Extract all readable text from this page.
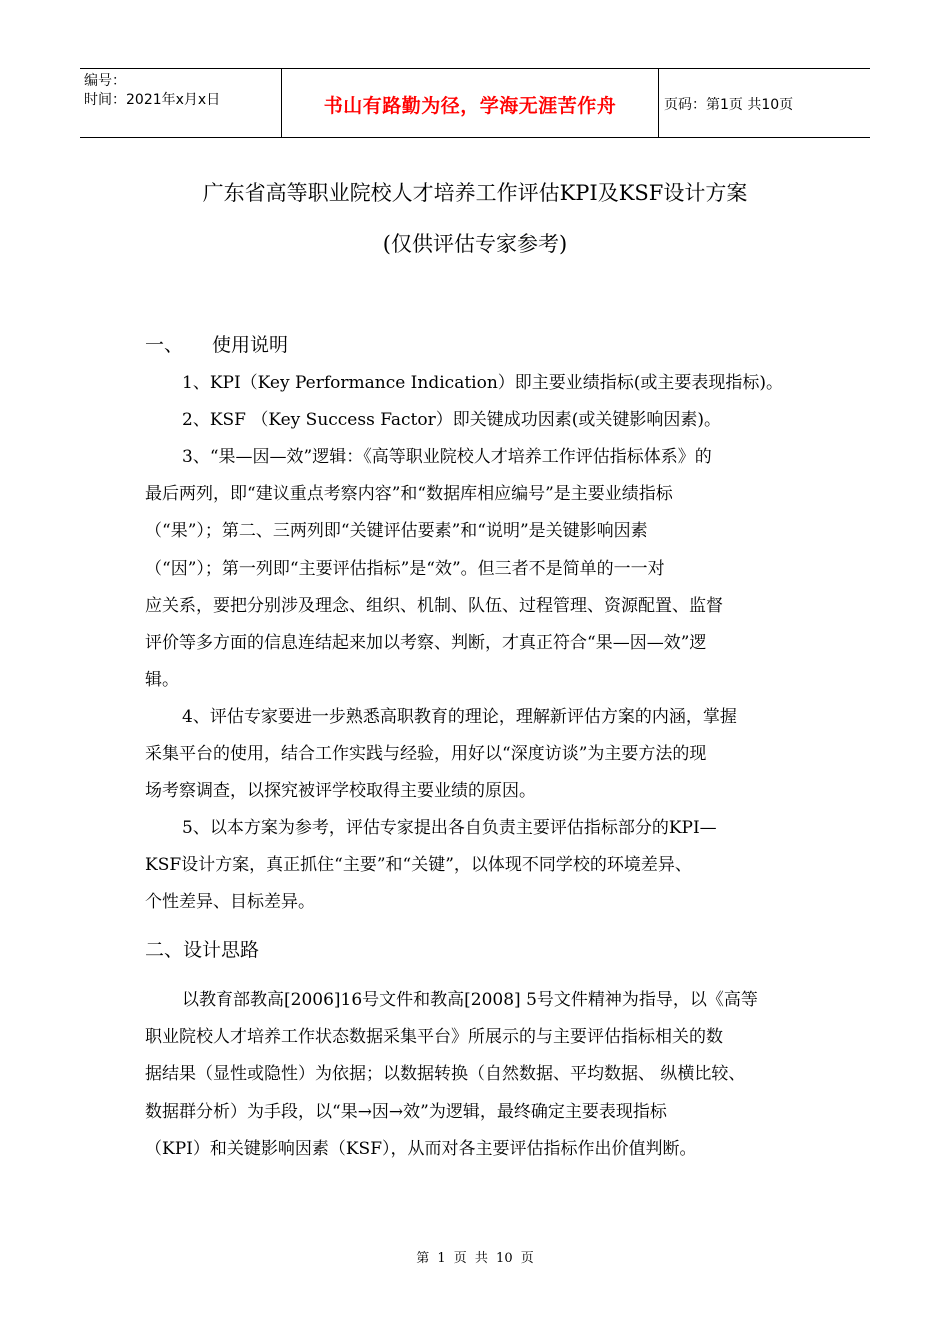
编号：
时间：2021年x月x日	书山有路勤为径，学海无涯苦作舟	页码：第1页 共10页
广东省高等职业院校人才培养工作评估KPI及KSF设计方案
(仅供评估专家参考)
一、 使用说明
1、KPI（Key Performance Indication）即主要业绩指标(或主要表现指标)。
2、KSF （Key Success Factor）即关键成功因素(或关键影响因素)。
3、“果—因—效”逻辑：《高等职业院校人才培养工作评估指标体系》的
最后两列，即“建议重点考察内容”和“数据库相应编号”是主要业绩指标
（“果”）；第二、三两列即“关键评估要素”和“说明”是关键影响因素
（“因”）；第一列即“主要评估指标”是“效”。但三者不是简单的一一对
应关系，要把分别涉及理念、组织、机制、队伍、过程管理、资源配置、监督
评价等多方面的信息连结起来加以考察、判断，才真正符合“果—因—效”逻
辑。
4、评估专家要进一步熟悉高职教育的理论，理解新评估方案的内涵，掌握
采集平台的使用，结合工作实践与经验，用好以“深度访谈”为主要方法的现
场考察调查，以探究被评学校取得主要业绩的原因。
5、以本方案为参考，评估专家提出各自负责主要评估指标部分的KPI—
KSF设计方案，真正抓住“主要”和“关键”，以体现不同学校的环境差异、
个性差异、目标差异。
二、设计思路
以教育部教高[2006]16号文件和教高[2008] 5号文件精神为指导，以《高等
职业院校人才培养工作状态数据采集平台》所展示的与主要评估指标相关的数
据结果（显性或隐性）为依据；以数据转换（自然数据、平均数据、 纵横比较、
数据群分析）为手段，以“果→因→效”为逻辑，最终确定主要表现指标
（KPI）和关键影响因素（KSF），从而对各主要评估指标作出价值判断。
第 1 页 共 10 页
